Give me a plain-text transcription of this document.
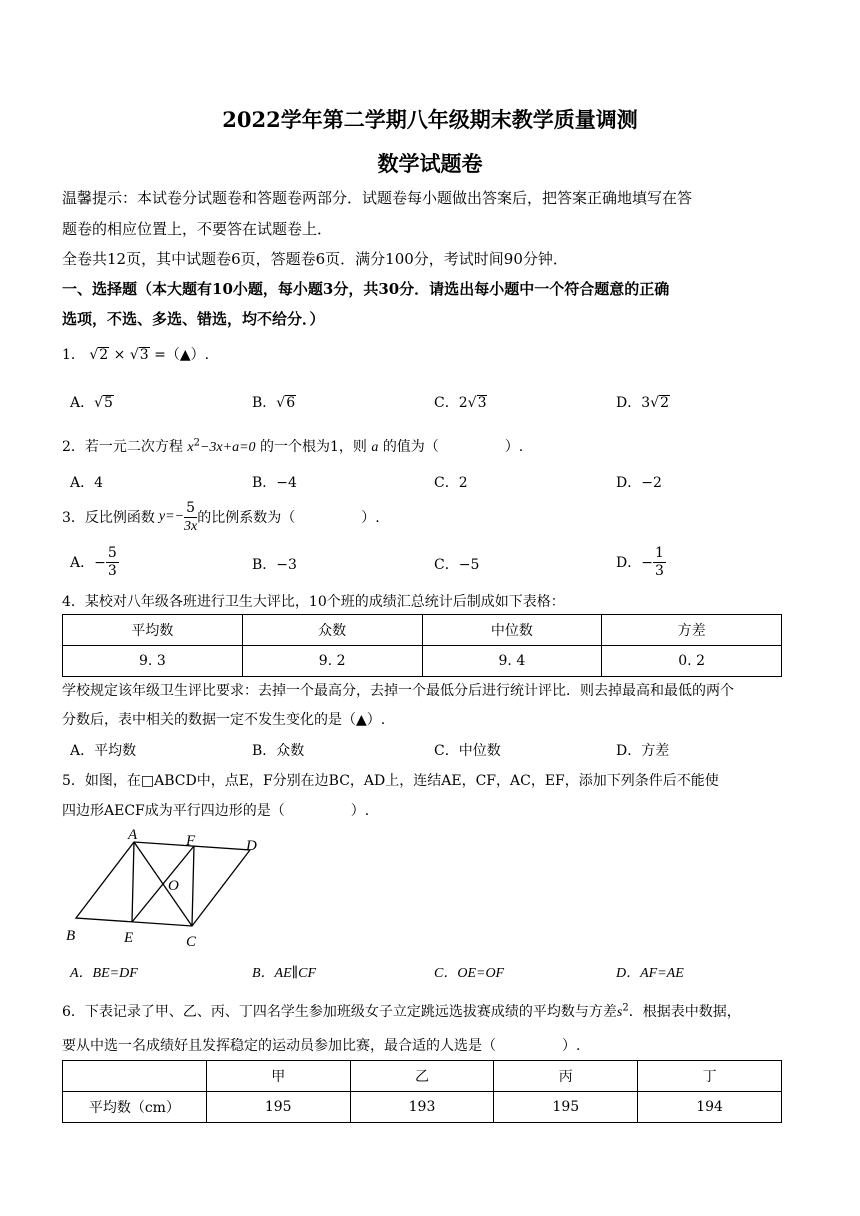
2022学年第二学期八年级期末教学质量调测
数学试题卷
温馨提示：本试卷分试题卷和答题卷两部分．试题卷每小题做出答案后，把答案正确地填写在答
题卷的相应位置上，不要答在试题卷上．
全卷共12页，其中试题卷6页，答题卷6页．满分100分，考试时间90分钟．
一、选择题（本大题有10小题，每小题3分，共30分．请选出每小题中一个符合题意的正确
选项，不选、多选、错选，均不给分．）
1． √2 × √3 =（▲）.
A．√5	B．√6	C．2√3	D．3√2
2．若一元二次方程 $x^2-3x+a=0$ 的一个根为1，则 a 的值为（	）.
A．4	B．−4	C．2	D．−2
3． 反比例函数 $y=- \frac{5}{3x}$ 的比例系数为（	）.
A．− $\frac{5}{3}$	B．−3	C．−5	D．− $\frac{1}{3}$
4．某校对八年级各班进行卫生大评比，10个班的成绩汇总统计后制成如下表格：
平均数	众数	中位数	方差
9. 3	9. 2	9. 4	0. 2
学校规定该年级卫生评比要求：去掉一个最高分，去掉一个最低分后进行统计评比．则去掉最高和最低的两个
分数后，表中相关的数据一定不发生变化的是（▲）.
A．平均数	B．众数	C．中位数	D．方差
5．如图，在□ABCD中，点E，F分别在边BC，AD上，连结AE，CF，AC，EF，添加下列条件后不能使
四边形AECF成为平行四边形的是（	）.
A	F	D
O
B	E	C
A．BE=DF	B．AE∥CF	C．OE=OF	D．AF=AE
6．下表记录了甲、乙、丙、丁四名学生参加班级女子立定跳远选拔赛成绩的平均数与方差$s^2$．根据表中数据，
要从中选一名成绩好且发挥稳定的运动员参加比赛，最合适的人选是（	）.
	甲	乙	丙	丁
平均数（cm）	195	193	195	194
